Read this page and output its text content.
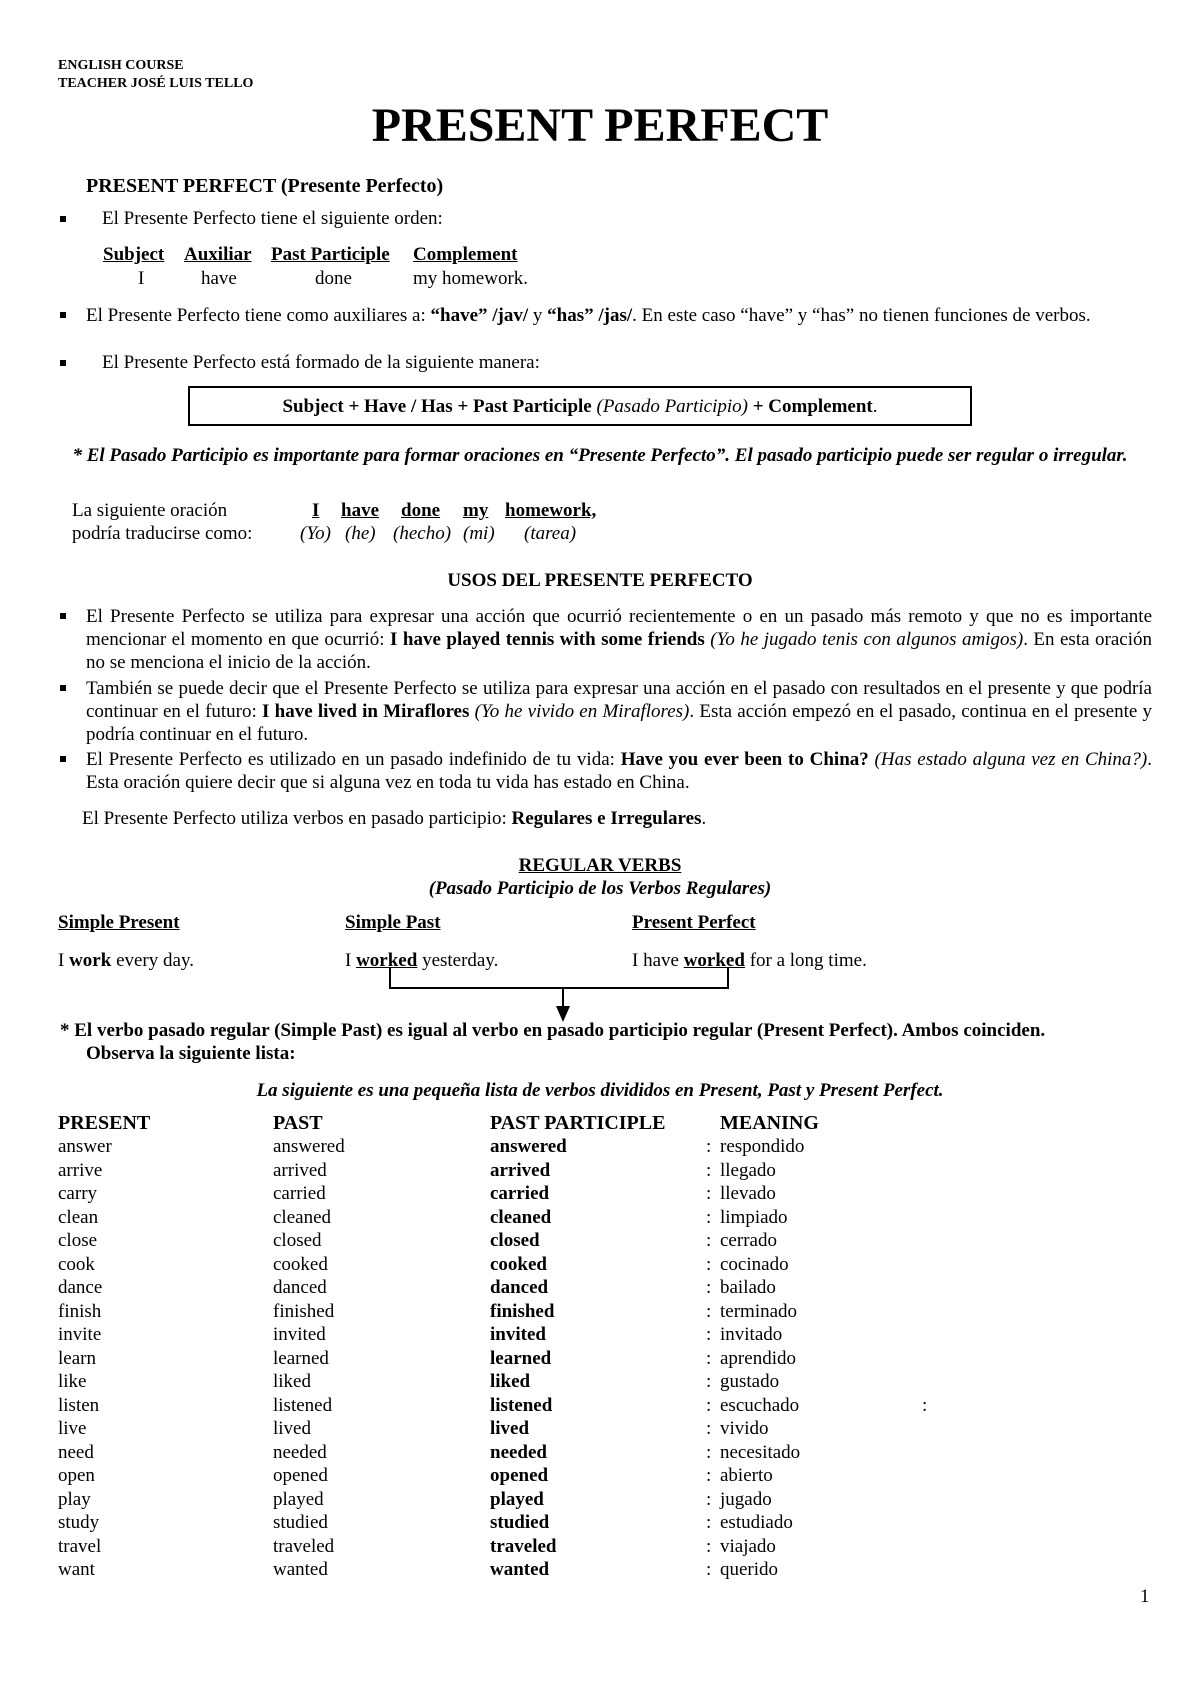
ENGLISH COURSE
TEACHER JOSÉ LUIS TELLO
PRESENT PERFECT
PRESENT PERFECT (Presente Perfecto)
El Presente Perfecto tiene el siguiente orden:
Subject Auxiliar Past Participle Complement
I	have	done	my homework.
El Presente Perfecto tiene como auxiliares a: “have” /jav/ y “has” /jas/. En este caso “have” y “has” no tienen funciones de verbos.
El Presente Perfecto está formado de la siguiente manera:
Subject + Have / Has + Past Participle (Pasado Participio) + Complement.
* El Pasado Participio es importante para formar oraciones en “Presente Perfecto”. El pasado participio puede ser regular o irregular.
La siguiente oración
podría traducirse como:
I have done my homework,
(Yo) (he) (hecho) (mi) (tarea)
USOS DEL PRESENTE PERFECTO
El Presente Perfecto se utiliza para expresar una acción que ocurrió recientemente o en un pasado más remoto y que no es importante mencionar el momento en que ocurrió: I have played tennis with some friends (Yo he jugado tenis con algunos amigos). En esta oración no se menciona el inicio de la acción.
También se puede decir que el Presente Perfecto se utiliza para expresar una acción en el pasado con resultados en el presente y que podría continuar en el futuro: I have lived in Miraflores (Yo he vivido en Miraflores). Esta acción empezó en el pasado, continua en el presente y podría continuar en el futuro.
El Presente Perfecto es utilizado en un pasado indefinido de tu vida: Have you ever been to China? (Has estado alguna vez en China?). Esta oración quiere decir que si alguna vez en toda tu vida has estado en China.
El Presente Perfecto utiliza verbos en pasado participio: Regulares e Irregulares.
REGULAR VERBS
(Pasado Participio de los Verbos Regulares)
Simple Present	Simple Past	Present Perfect
I work every day.	I worked yesterday.	I have worked for a long time.
* El verbo pasado regular (Simple Past) es igual al verbo en pasado participio regular (Present Perfect). Ambos coinciden.
Observa la siguiente lista:
La siguiente es una pequeña lista de verbos divididos en Present, Past y Present Perfect.
PRESENT	PAST	PAST PARTICIPLE	MEANING
answer	answered	answered	: respondido
arrive	arrived	arrived	: llegado
carry	carried	carried	: llevado
clean	cleaned	cleaned	: limpiado
close	closed	closed	: cerrado
cook	cooked	cooked	: cocinado
dance	danced	danced	: bailado
finish	finished	finished	: terminado
invite	invited	invited	: invitado
learn	learned	learned	: aprendido
like	liked	liked	: gustado
listen	listened	listened	: escuchado	:
live	lived	lived	: vivido
need	needed	needed	: necesitado
open	opened	opened	: abierto
play	played	played	: jugado
study	studied	studied	: estudiado
travel	traveled	traveled	: viajado
want	wanted	wanted	: querido
1
